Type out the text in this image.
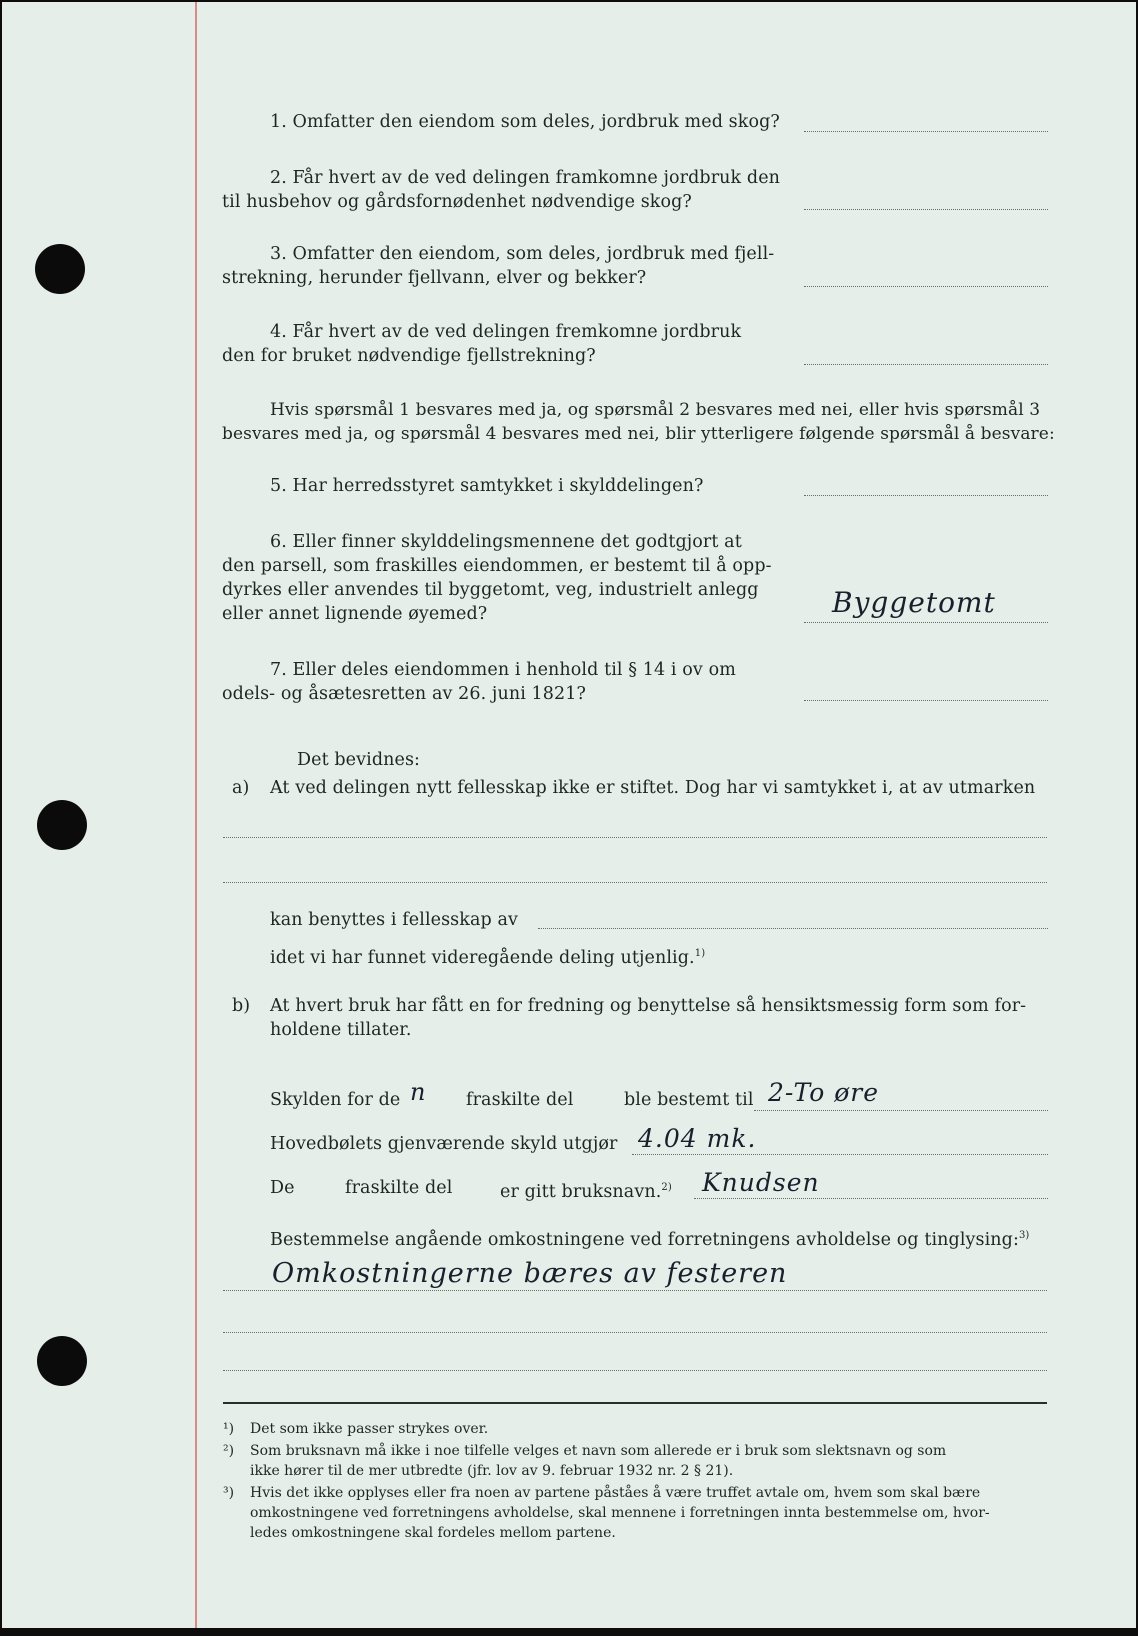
1. Omfatter den eiendom som deles, jordbruk med skog?
2. Får hvert av de ved delingen framkomne jordbruk den
til husbehov og gårdsfornødenhet nødvendige skog?
3. Omfatter den eiendom, som deles, jordbruk med fjell-
strekning, herunder fjellvann, elver og bekker?
4. Får hvert av de ved delingen fremkomne jordbruk
den for bruket nødvendige fjellstrekning?
Hvis spørsmål 1 besvares med ja, og spørsmål 2 besvares med nei, eller hvis spørsmål 3
besvares med ja, og spørsmål 4 besvares med nei, blir ytterligere følgende spørsmål å besvare:
5. Har herredsstyret samtykket i skylddelingen?
6. Eller finner skylddelingsmennene det godtgjort at
den parsell, som fraskilles eiendommen, er bestemt til å opp-
dyrkes eller anvendes til byggetomt, veg, industrielt anlegg
eller annet lignende øyemed?	Byggetomt
7. Eller deles eiendommen i henhold til § 14 i ov om
odels- og åsætesretten av 26. juni 1821?
Det bevidnes:
a) At ved delingen nytt fellesskap ikke er stiftet. Dog har vi samtykket i, at av utmarken
kan benyttes i fellesskap av
idet vi har funnet videregående deling utjenlig.$^{1)}$
b) At hvert bruk har fått en for fredning og benyttelse så hensiktsmessig form som for-
holdene tillater.
Skylden for de n fraskilte del	ble bestemt til 2-To øre
Hovedbølets gjenværende skyld utgjør 4.04 mk.
De	fraskilte del	er gitt bruksnavn.$^{2)}$ Knudsen
Bestemmelse angående omkostningene ved forretningens avholdelse og tinglysing:$^{3)}$
Omkostningerne bæres av festeren
¹) Det som ikke passer strykes over.
²) Som bruksnavn må ikke i noe tilfelle velges et navn som allerede er i bruk som slektsnavn og som
ikke hører til de mer utbredte (jfr. lov av 9. februar 1932 nr. 2 § 21).
³) Hvis det ikke opplyses eller fra noen av partene påståes å være truffet avtale om, hvem som skal bære
omkostningene ved forretningens avholdelse, skal mennene i forretningen innta bestemmelse om, hvor-
ledes omkostningene skal fordeles mellom partene.
